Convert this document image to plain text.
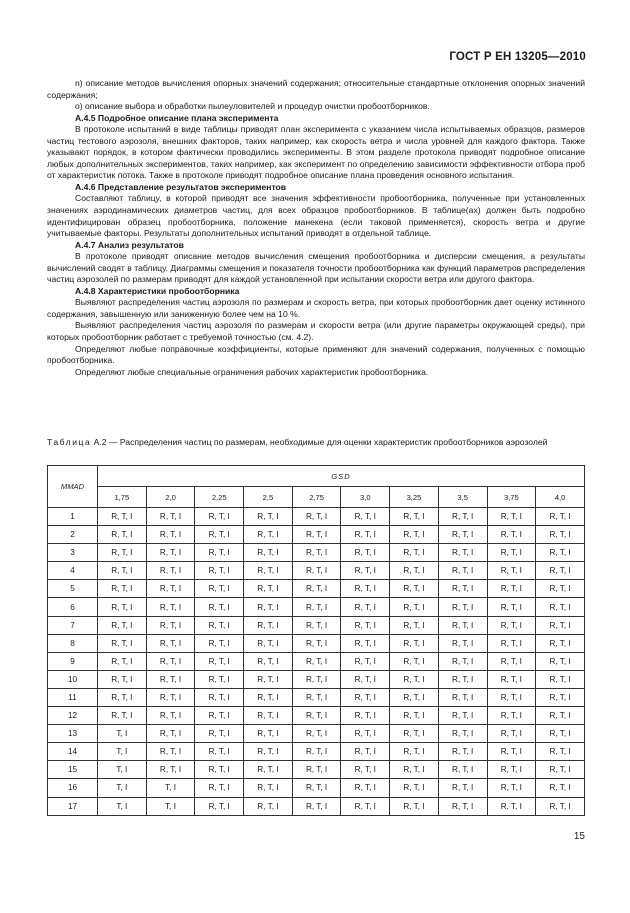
ГОСТ Р ЕН 13205—2010

n) описание методов вычисления опорных значений содержания; относительные стандартные отклонения опорных значений содержания;

o) описание выбора и обработки пылеуловителей и процедур очистки пробоотборников.

А.4.5 Подробное описание плана эксперимента

В протоколе испытаний в виде таблицы приводят план эксперимента с указанием числа испытываемых образцов, размеров частиц тестового аэрозоля, внешних факторов, таких например, как скорость ветра и числа уровней для каждого фактора. Также указывают порядок, в котором фактически проводились эксперименты. В этом разделе протокола приводят подробное описание любых дополнительных экспериментов, таких например, как эксперимент по определению зависимости эффективности отбора проб от характеристик потока. Также в протоколе приводят подробное описание плана проведения основного испытания.

А.4.6 Представление результатов экспериментов

Составляют таблицу, в которой приводят все значения эффективности пробоотборника, полученные при установленных значениях аэродинамических диаметров частиц, для всех образцов пробоотборников. В таблице(ах) должен быть подробно идентифицирован образец пробоотборника, положение манекена (если таковой применяется), скорость ветра и другие учитываемые факторы. Результаты дополнительных испытаний приводят в отдельной таблице.

А.4.7 Анализ результатов

В протоколе приводят описание методов вычисления смещения пробоотборника и дисперсии смещения, а результаты вычислений сводят в таблицу. Диаграммы смещения и показателя точности пробоотборника как функций параметров распределения частиц аэрозолей по размерам приводят для каждой установленной при испытании скорости ветра или другого фактора.

А.4.8 Характеристики пробоотборника

Выявляют распределения частиц аэрозоля по размерам и скорость ветра, при которых пробоотборник дает оценку истинного содержания, завышенную или заниженную более чем на 10 %.

Выявляют распределения частиц аэрозоля по размерам и скорости ветра (или другие параметры окружающей среды), при которых пробоотборник работает с требуемой точностью (см. 4.2).

Определяют любые поправочные коэффициенты, которые применяют для значений содержания, полученных с помощью пробоотборника.

Определяют любые специальные ограничения рабочих характеристик пробоотборника.

Таблица А.2 — Распределения частиц по размерам, необходимые для оценки характеристик пробоотборников аэрозолей
MMAD	GSD									
	1,75	2,0	2,25	2,5	2,75	3,0	3,25	3,5	3,75	4,0
1	R, T, I	R, T, I	R, T, I	R, T, I	R, T, I	R, T, I	R, T, I	R, T, I	R, T, I	R, T, I
2	R, T, I	R, T, I	R, T, I	R, T, I	R, T, I	R, T, I	R, T, I	R, T, I	R, T, I	R, T, I
3	R, T, I	R, T, I	R, T, I	R, T, I	R, T, I	R, T, I	R, T, I	R, T, I	R, T, I	R, T, I
4	R, T, I	R, T, I	R, T, I	R, T, I	R, T, I	R, T, I	R, T, I	R, T, I	R, T, I	R, T, I
5	R, T, I	R, T, I	R, T, I	R, T, I	R, T, I	R, T, I	R, T, I	R, T, I	R, T, I	R, T, I
6	R, T, I	R, T, I	R, T, I	R, T, I	R, T, I	R, T, I	R, T, I	R, T, I	R, T, I	R, T, I
7	R, T, I	R, T, I	R, T, I	R, T, I	R, T, I	R, T, I	R, T, I	R, T, I	R, T, I	R, T, I
8	R, T, I	R, T, I	R, T, I	R, T, I	R, T, I	R, T, I	R, T, I	R, T, I	R, T, I	R, T, I
9	R, T, I	R, T, I	R, T, I	R, T, I	R, T, I	R, T, I	R, T, I	R, T, I	R, T, I	R, T, I
10	R, T, I	R, T, I	R, T, I	R, T, I	R, T, I	R, T, I	R, T, I	R, T, I	R, T, I	R, T, I
11	R, T, I	R, T, I	R, T, I	R, T, I	R, T, I	R, T, I	R, T, I	R, T, I	R, T, I	R, T, I
12	R, T, I	R, T, I	R, T, I	R, T, I	R, T, I	R, T, I	R, T, I	R, T, I	R, T, I	R, T, I
13	T, I	R, T, I	R, T, I	R, T, I	R, T, I	R, T, I	R, T, I	R, T, I	R, T, I	R, T, I
14	T, I	R, T, I	R, T, I	R, T, I	R, T, I	R, T, I	R, T, I	R, T, I	R, T, I	R, T, I
15	T, I	R, T, I	R, T, I	R, T, I	R, T, I	R, T, I	R, T, I	R, T, I	R, T, I	R, T, I
16	T, I	T, I	R, T, I	R, T, I	R, T, I	R, T, I	R, T, I	R, T, I	R, T, I	R, T, I
17	T, I	T, I	R, T, I	R, T, I	R, T, I	R, T, I	R, T, I	R, T, I	R, T, I	R, T, I
15
